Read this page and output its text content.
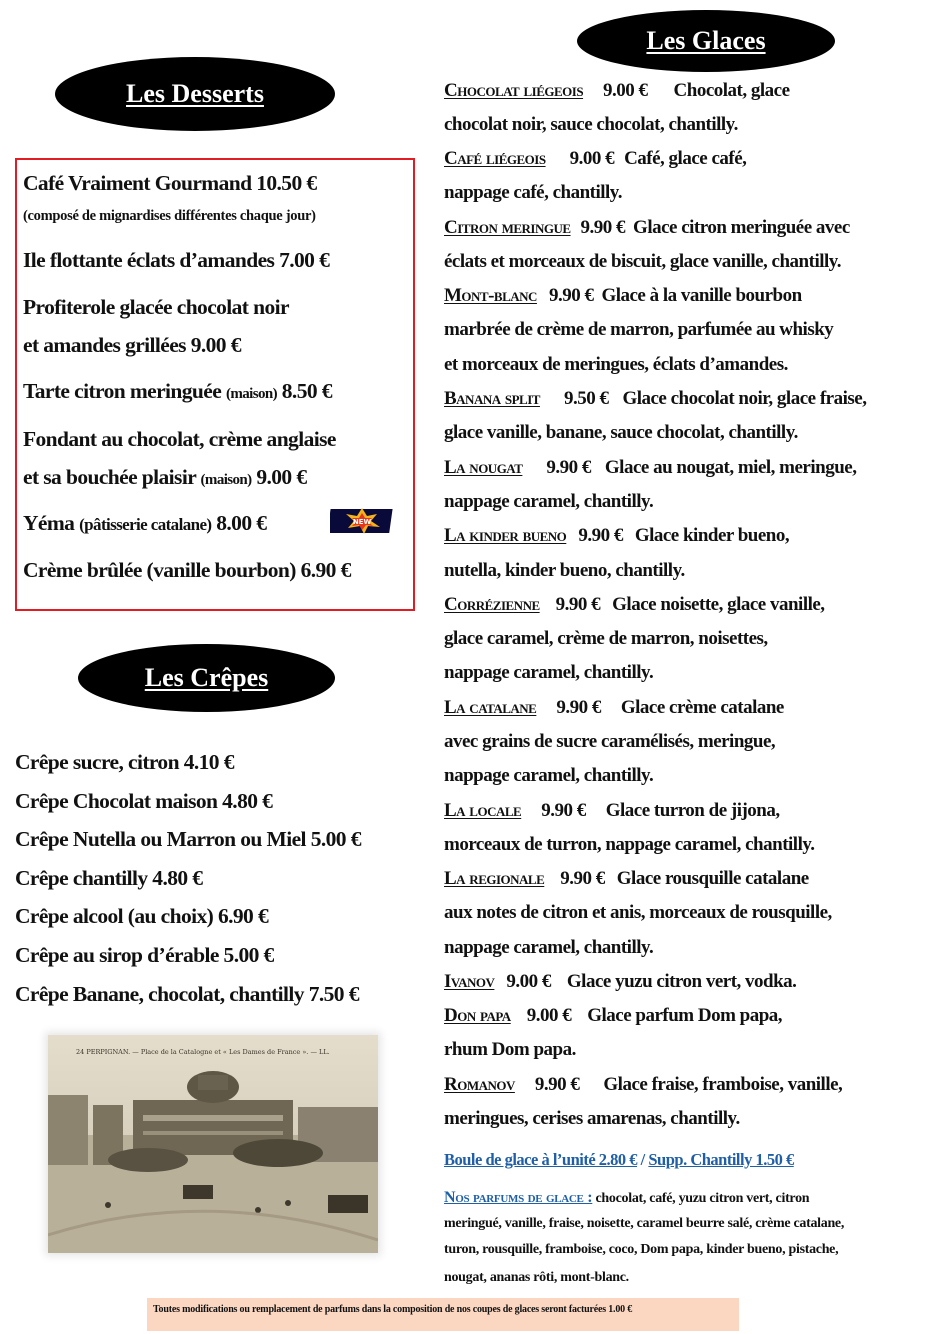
Les Desserts
Les Crêpes
Les Glaces
Café Vraiment Gourmand 10.50 €
(composé de mignardises différentes chaque jour)
Ile flottante éclats d’amandes 7.00 €
Profiterole glacée chocolat noir
et amandes grillées 9.00 €
Tarte citron meringuée (maison) 8.50 €
Fondant au chocolat, crème anglaise
et sa bouchée plaisir (maison) 9.00 €
Yéma (pâtisserie catalane) 8.00 €
Crème brûlée (vanille bourbon) 6.90 €
NEW
Crêpe sucre, citron 4.10 €
Crêpe Chocolat maison 4.80 €
Crêpe Nutella ou Marron ou Miel 5.00 €
Crêpe chantilly 4.80 €
Crêpe alcool (au choix) 6.90 €
Crêpe au sirop d’érable 5.00 €
Crêpe Banane, chocolat, chantilly 7.50 €
24 PERPIGNAN. — Place de la Catalogne et « Les Dames de France ». — LL.
Chocolat liégeois 9.00 € Chocolat, glace
chocolat noir, sauce chocolat, chantilly.
Café liégeois 9.00 € Café, glace café,
nappage café, chantilly.
Citron meringue 9.90 € Glace citron meringuée avec
éclats et morceaux de biscuit, glace vanille, chantilly.
Mont-blanc 9.90 € Glace à la vanille bourbon
marbrée de crème de marron, parfumée au whisky
et morceaux de meringues, éclats d’amandes.
Banana split 9.50 € Glace chocolat noir, glace fraise,
glace vanille, banane, sauce chocolat, chantilly.
La nougat 9.90 € Glace au nougat, miel, meringue,
nappage caramel, chantilly.
La kinder bueno 9.90 € Glace kinder bueno,
nutella, kinder bueno, chantilly.
Corrézienne 9.90 € Glace noisette, glace vanille,
glace caramel, crème de marron, noisettes,
nappage caramel, chantilly.
La catalane 9.90 € Glace crème catalane
avec grains de sucre caramélisés, meringue,
nappage caramel, chantilly.
La locale 9.90 € Glace turron de jijona,
morceaux de turron, nappage caramel, chantilly.
La regionale 9.90 € Glace rousquille catalane
aux notes de citron et anis, morceaux de rousquille,
nappage caramel, chantilly.
Ivanov 9.00 € Glace yuzu citron vert, vodka.
Don papa 9.00 € Glace parfum Dom papa,
rhum Dom papa.
Romanov 9.90 € Glace fraise, framboise, vanille,
meringues, cerises amarenas, chantilly.
Boule de glace à l’unité 2.80 € / Supp. Chantilly 1.50 €
Nos parfums de glace : chocolat, café, yuzu citron vert, citron
meringué, vanille, fraise, noisette, caramel beurre salé, crème catalane,
turon, rousquille, framboise, coco, Dom papa, kinder bueno, pistache,
nougat, ananas rôti, mont-blanc.
Toutes modifications ou remplacement de parfums dans la composition de nos coupes de glaces seront facturées 1.00 €
